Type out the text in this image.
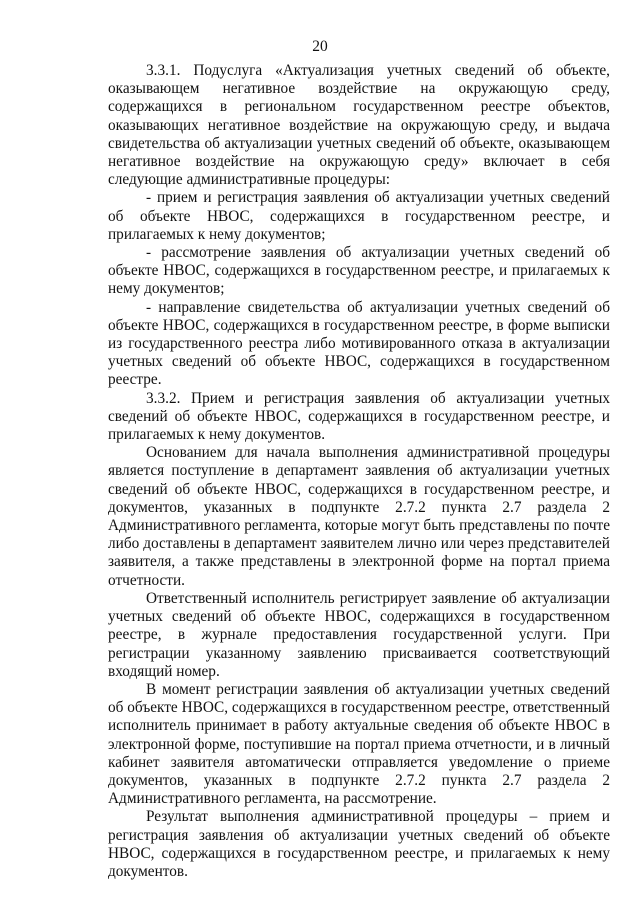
20

3.3.1. Подуслуга «Актуализация учетных сведений об объекте, оказывающем негативное воздействие на окружающую среду, содержащихся в региональном государственном реестре объектов, оказывающих негативное воздействие на окружающую среду, и выдача свидетельства об актуализации учетных сведений об объекте, оказывающем негативное воздействие на окружающую среду» включает в себя следующие административные процедуры:

- прием и регистрация заявления об актуализации учетных сведений об объекте НВОС, содержащихся в государственном реестре, и прилагаемых к нему документов;

- рассмотрение заявления об актуализации учетных сведений об объекте НВОС, содержащихся в государственном реестре, и прилагаемых к нему документов;

- направление свидетельства об актуализации учетных сведений об объекте НВОС, содержащихся в государственном реестре, в форме выписки из государственного реестра либо мотивированного отказа в актуализации учетных сведений об объекте НВОС, содержащихся в государственном реестре.

3.3.2. Прием и регистрация заявления об актуализации учетных сведений об объекте НВОС, содержащихся в государственном реестре, и прилагаемых к нему документов.

Основанием для начала выполнения административной процедуры является поступление в департамент заявления об актуализации учетных сведений об объекте НВОС, содержащихся в государственном реестре, и документов, указанных в подпункте 2.7.2 пункта 2.7 раздела 2 Административного регламента, которые могут быть представлены по почте либо доставлены в департамент заявителем лично или через представителей заявителя, а также представлены в электронной форме на портал приема отчетности.

Ответственный исполнитель регистрирует заявление об актуализации учетных сведений об объекте НВОС, содержащихся в государственном реестре, в журнале предоставления государственной услуги. При регистрации указанному заявлению присваивается соответствующий входящий номер.

В момент регистрации заявления об актуализации учетных сведений об объекте НВОС, содержащихся в государственном реестре, ответственный исполнитель принимает в работу актуальные сведения об объекте НВОС в электронной форме, поступившие на портал приема отчетности, и в личный кабинет заявителя автоматически отправляется уведомление о приеме документов, указанных в подпункте 2.7.2 пункта 2.7 раздела 2 Административного регламента, на рассмотрение.

Результат выполнения административной процедуры – прием и регистрация заявления об актуализации учетных сведений об объекте НВОС, содержащихся в государственном реестре, и прилагаемых к нему документов.
